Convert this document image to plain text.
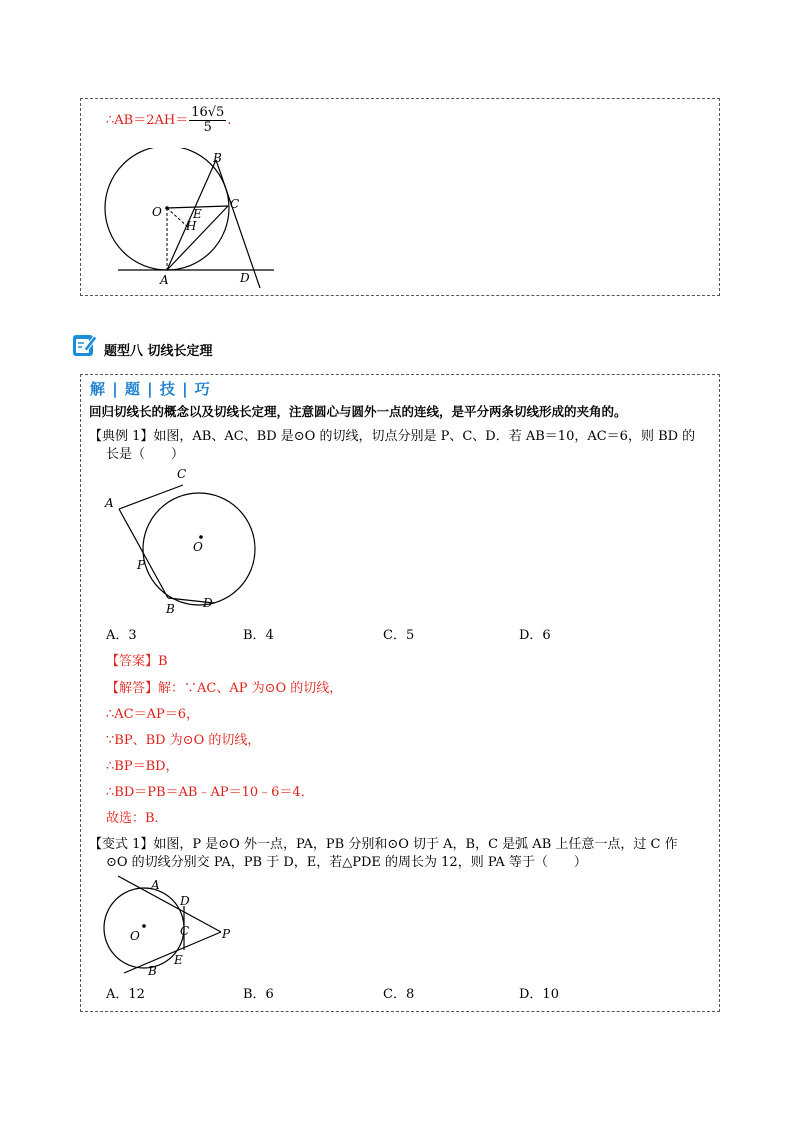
∴AB＝2AH＝ $\frac{16√5}{5}$ .
B
C
O	E
H
A	D
题型八 切线长定理
解 | 题 | 技 | 巧
回归切线长的概念以及切线长定理，注意圆心与圆外一点的连线，是平分两条切线形成的夹角的。
【典例 1】如图，AB、AC、BD 是⊙O 的切线，切点分别是 P、C、D．若 AB＝10，AC＝6，则 BD 的
长是（　　）
A
C
O
P
B D
A．3	B．4	C．5	D．6
【答案】B
【解答】解：∵AC、AP 为⊙O 的切线，
∴AC＝AP＝6，
∵BP、BD 为⊙O 的切线，
∴BP＝BD，
∴BD＝PB＝AB﹣AP＝10﹣6＝4．
故选：B．
【变式 1】如图，P 是⊙O 外一点，PA，PB 分别和⊙O 切于 A，B，C 是弧 AB 上任意一点，过 C 作
⊙O 的切线分别交 PA，PB 于 D，E，若△PDE 的周长为 12，则 PA 等于（　　）
A
D
O	C	P
E
B
A．12	B．6	C．8	D．10
